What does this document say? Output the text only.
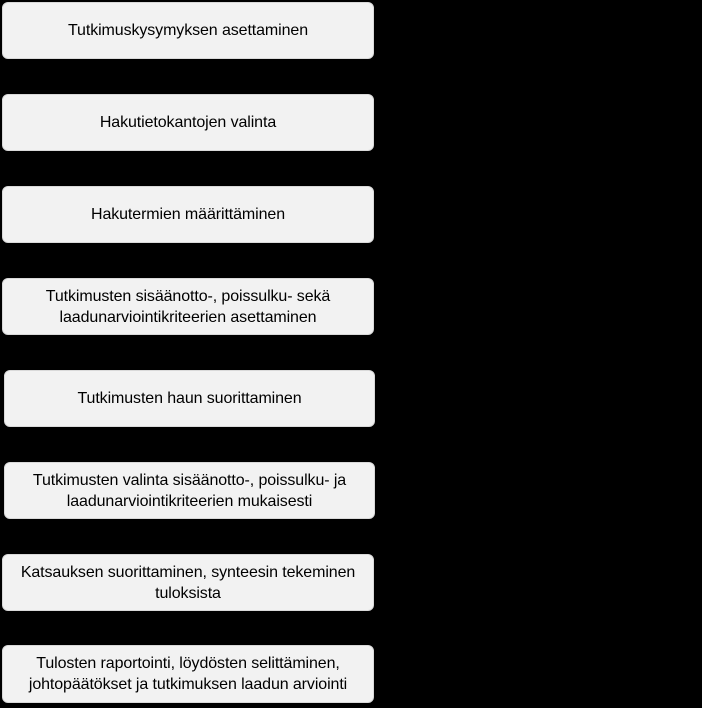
Tutkimuskysymyksen asettaminen
Hakutietokantojen valinta
Hakutermien määrittäminen
Tutkimusten sisäänotto-, poissulku- sekä laadunarviointikriteerien asettaminen
Tutkimusten haun suorittaminen
Tutkimusten valinta sisäänotto-, poissulku- ja laadunarviointikriteerien mukaisesti
Katsauksen suorittaminen, synteesin tekeminen tuloksista
Tulosten raportointi, löydösten selittäminen, johtopäätökset ja tutkimuksen laadun arviointi
